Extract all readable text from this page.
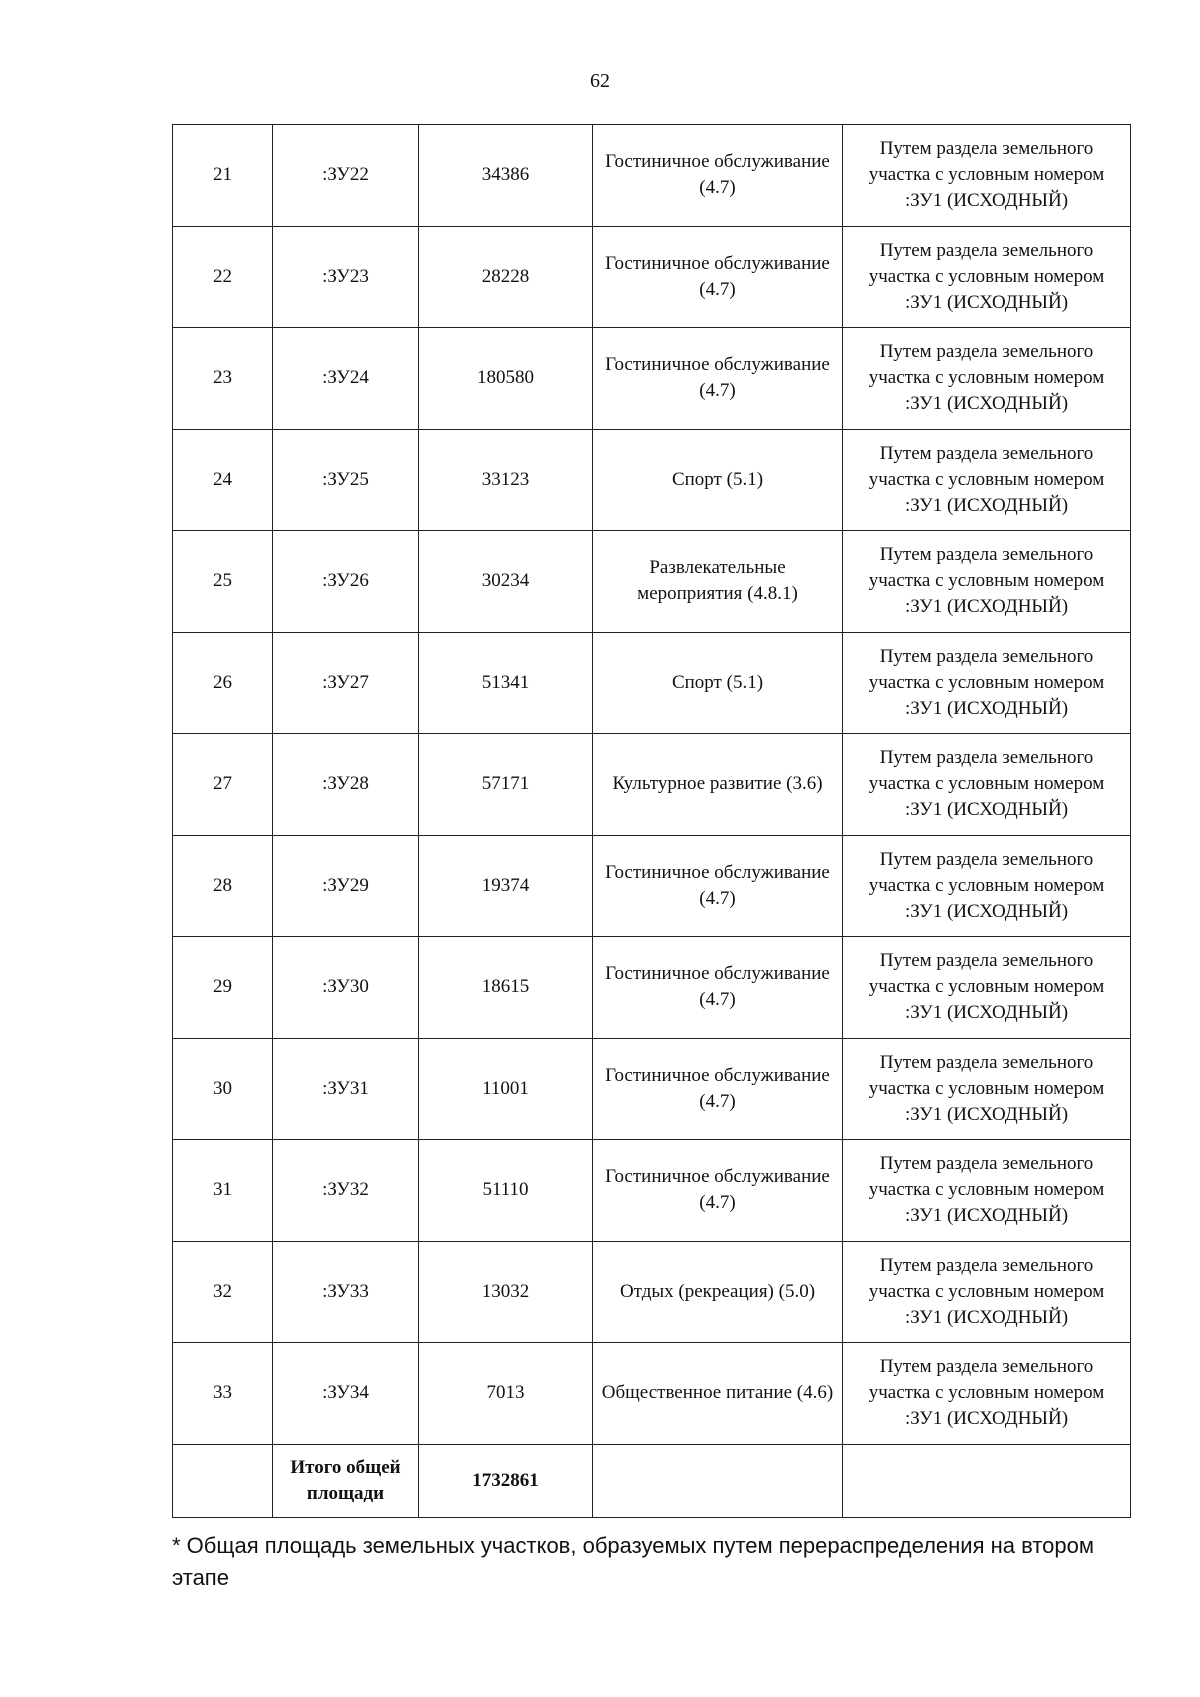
62
21	:ЗУ22	34386	Гостиничное обслуживание (4.7)	Путем раздела земельного участка с условным номером :ЗУ1 (ИСХОДНЫЙ)
22	:ЗУ23	28228	Гостиничное обслуживание (4.7)	Путем раздела земельного участка с условным номером :ЗУ1 (ИСХОДНЫЙ)
23	:ЗУ24	180580	Гостиничное обслуживание (4.7)	Путем раздела земельного участка с условным номером :ЗУ1 (ИСХОДНЫЙ)
24	:ЗУ25	33123	Спорт (5.1)	Путем раздела земельного участка с условным номером :ЗУ1 (ИСХОДНЫЙ)
25	:ЗУ26	30234	Развлекательные мероприятия (4.8.1)	Путем раздела земельного участка с условным номером :ЗУ1 (ИСХОДНЫЙ)
26	:ЗУ27	51341	Спорт (5.1)	Путем раздела земельного участка с условным номером :ЗУ1 (ИСХОДНЫЙ)
27	:ЗУ28	57171	Культурное развитие (3.6)	Путем раздела земельного участка с условным номером :ЗУ1 (ИСХОДНЫЙ)
28	:ЗУ29	19374	Гостиничное обслуживание (4.7)	Путем раздела земельного участка с условным номером :ЗУ1 (ИСХОДНЫЙ)
29	:ЗУ30	18615	Гостиничное обслуживание (4.7)	Путем раздела земельного участка с условным номером :ЗУ1 (ИСХОДНЫЙ)
30	:ЗУ31	11001	Гостиничное обслуживание (4.7)	Путем раздела земельного участка с условным номером :ЗУ1 (ИСХОДНЫЙ)
31	:ЗУ32	51110	Гостиничное обслуживание (4.7)	Путем раздела земельного участка с условным номером :ЗУ1 (ИСХОДНЫЙ)
32	:ЗУ33	13032	Отдых (рекреация) (5.0)	Путем раздела земельного участка с условным номером :ЗУ1 (ИСХОДНЫЙ)
33	:ЗУ34	7013	Общественное питание (4.6)	Путем раздела земельного участка с условным номером :ЗУ1 (ИСХОДНЫЙ)
	Итого общей площади	1732861		
* Общая площадь земельных участков, образуемых путем перераспределения на втором этапе
